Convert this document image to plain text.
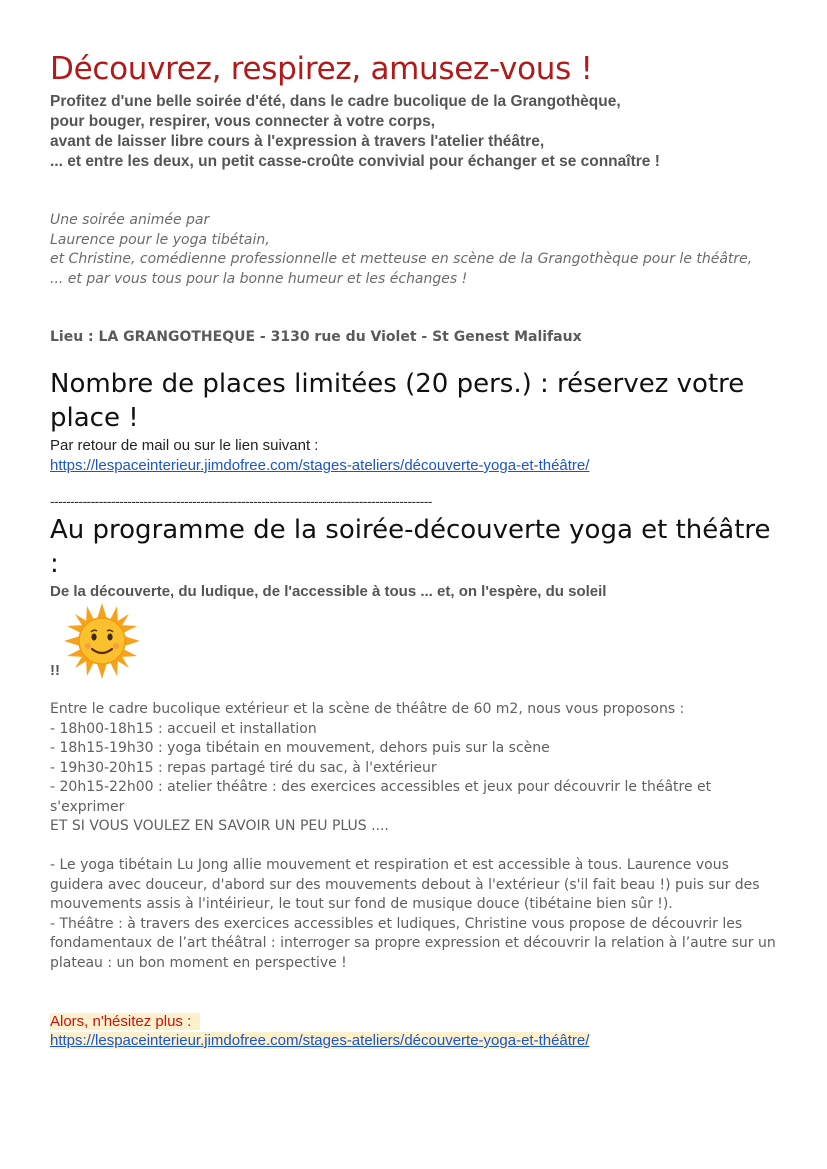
Découvrez, respirez, amusez-vous !
Profitez d'une belle soirée d'été, dans le cadre bucolique de la Grangothèque,
pour bouger, respirer, vous connecter à votre corps,
avant de laisser libre cours à l'expression à travers l'atelier théâtre,
... et entre les deux, un petit casse-croûte convivial pour échanger et se connaître !
Une soirée animée par
Laurence pour le yoga tibétain,
et Christine, comédienne professionnelle et metteuse en scène de la Grangothèque pour le théâtre,
... et par vous tous pour la bonne humeur et les échanges !
Lieu : LA GRANGOTHEQUE - 3130 rue du Violet - St Genest Malifaux
Nombre de places limitées (20 pers.) : réservez votre place !
Par retour de mail ou sur le lien suivant :
https://lespaceinterieur.jimdofree.com/stages-ateliers/découverte-yoga-et-théâtre/
----------------------------------------------------------------------------------------------
Au programme de la soirée-découverte yoga et théâtre :
De la découverte, du ludique, de l'accessible à tous ... et, on l'espère, du soleil
!!
Entre le cadre bucolique extérieur et la scène de théâtre de 60 m2, nous vous proposons :
- 18h00-18h15 : accueil et installation
- 18h15-19h30 : yoga tibétain en mouvement, dehors puis sur la scène
- 19h30-20h15 : repas partagé tiré du sac, à l'extérieur
- 20h15-22h00 : atelier théâtre : des exercices accessibles et jeux pour découvrir le théâtre et s'exprimer
ET SI VOUS VOULEZ EN SAVOIR UN PEU PLUS ....
- Le yoga tibétain Lu Jong allie mouvement et respiration et est accessible à tous. Laurence vous guidera avec douceur, d'abord sur des mouvements debout à l'extérieur (s'il fait beau !) puis sur des mouvements assis à l'intéirieur, le tout sur fond de musique douce (tibétaine bien sûr !).
- Théâtre : à travers des exercices accessibles et ludiques, Christine vous propose de découvrir les fondamentaux de l’art théâtral : interroger sa propre expression et découvrir la relation à l’autre sur un plateau : un bon moment en perspective !
Alors, n'hésitez plus :
https://lespaceinterieur.jimdofree.com/stages-ateliers/découverte-yoga-et-théâtre/
